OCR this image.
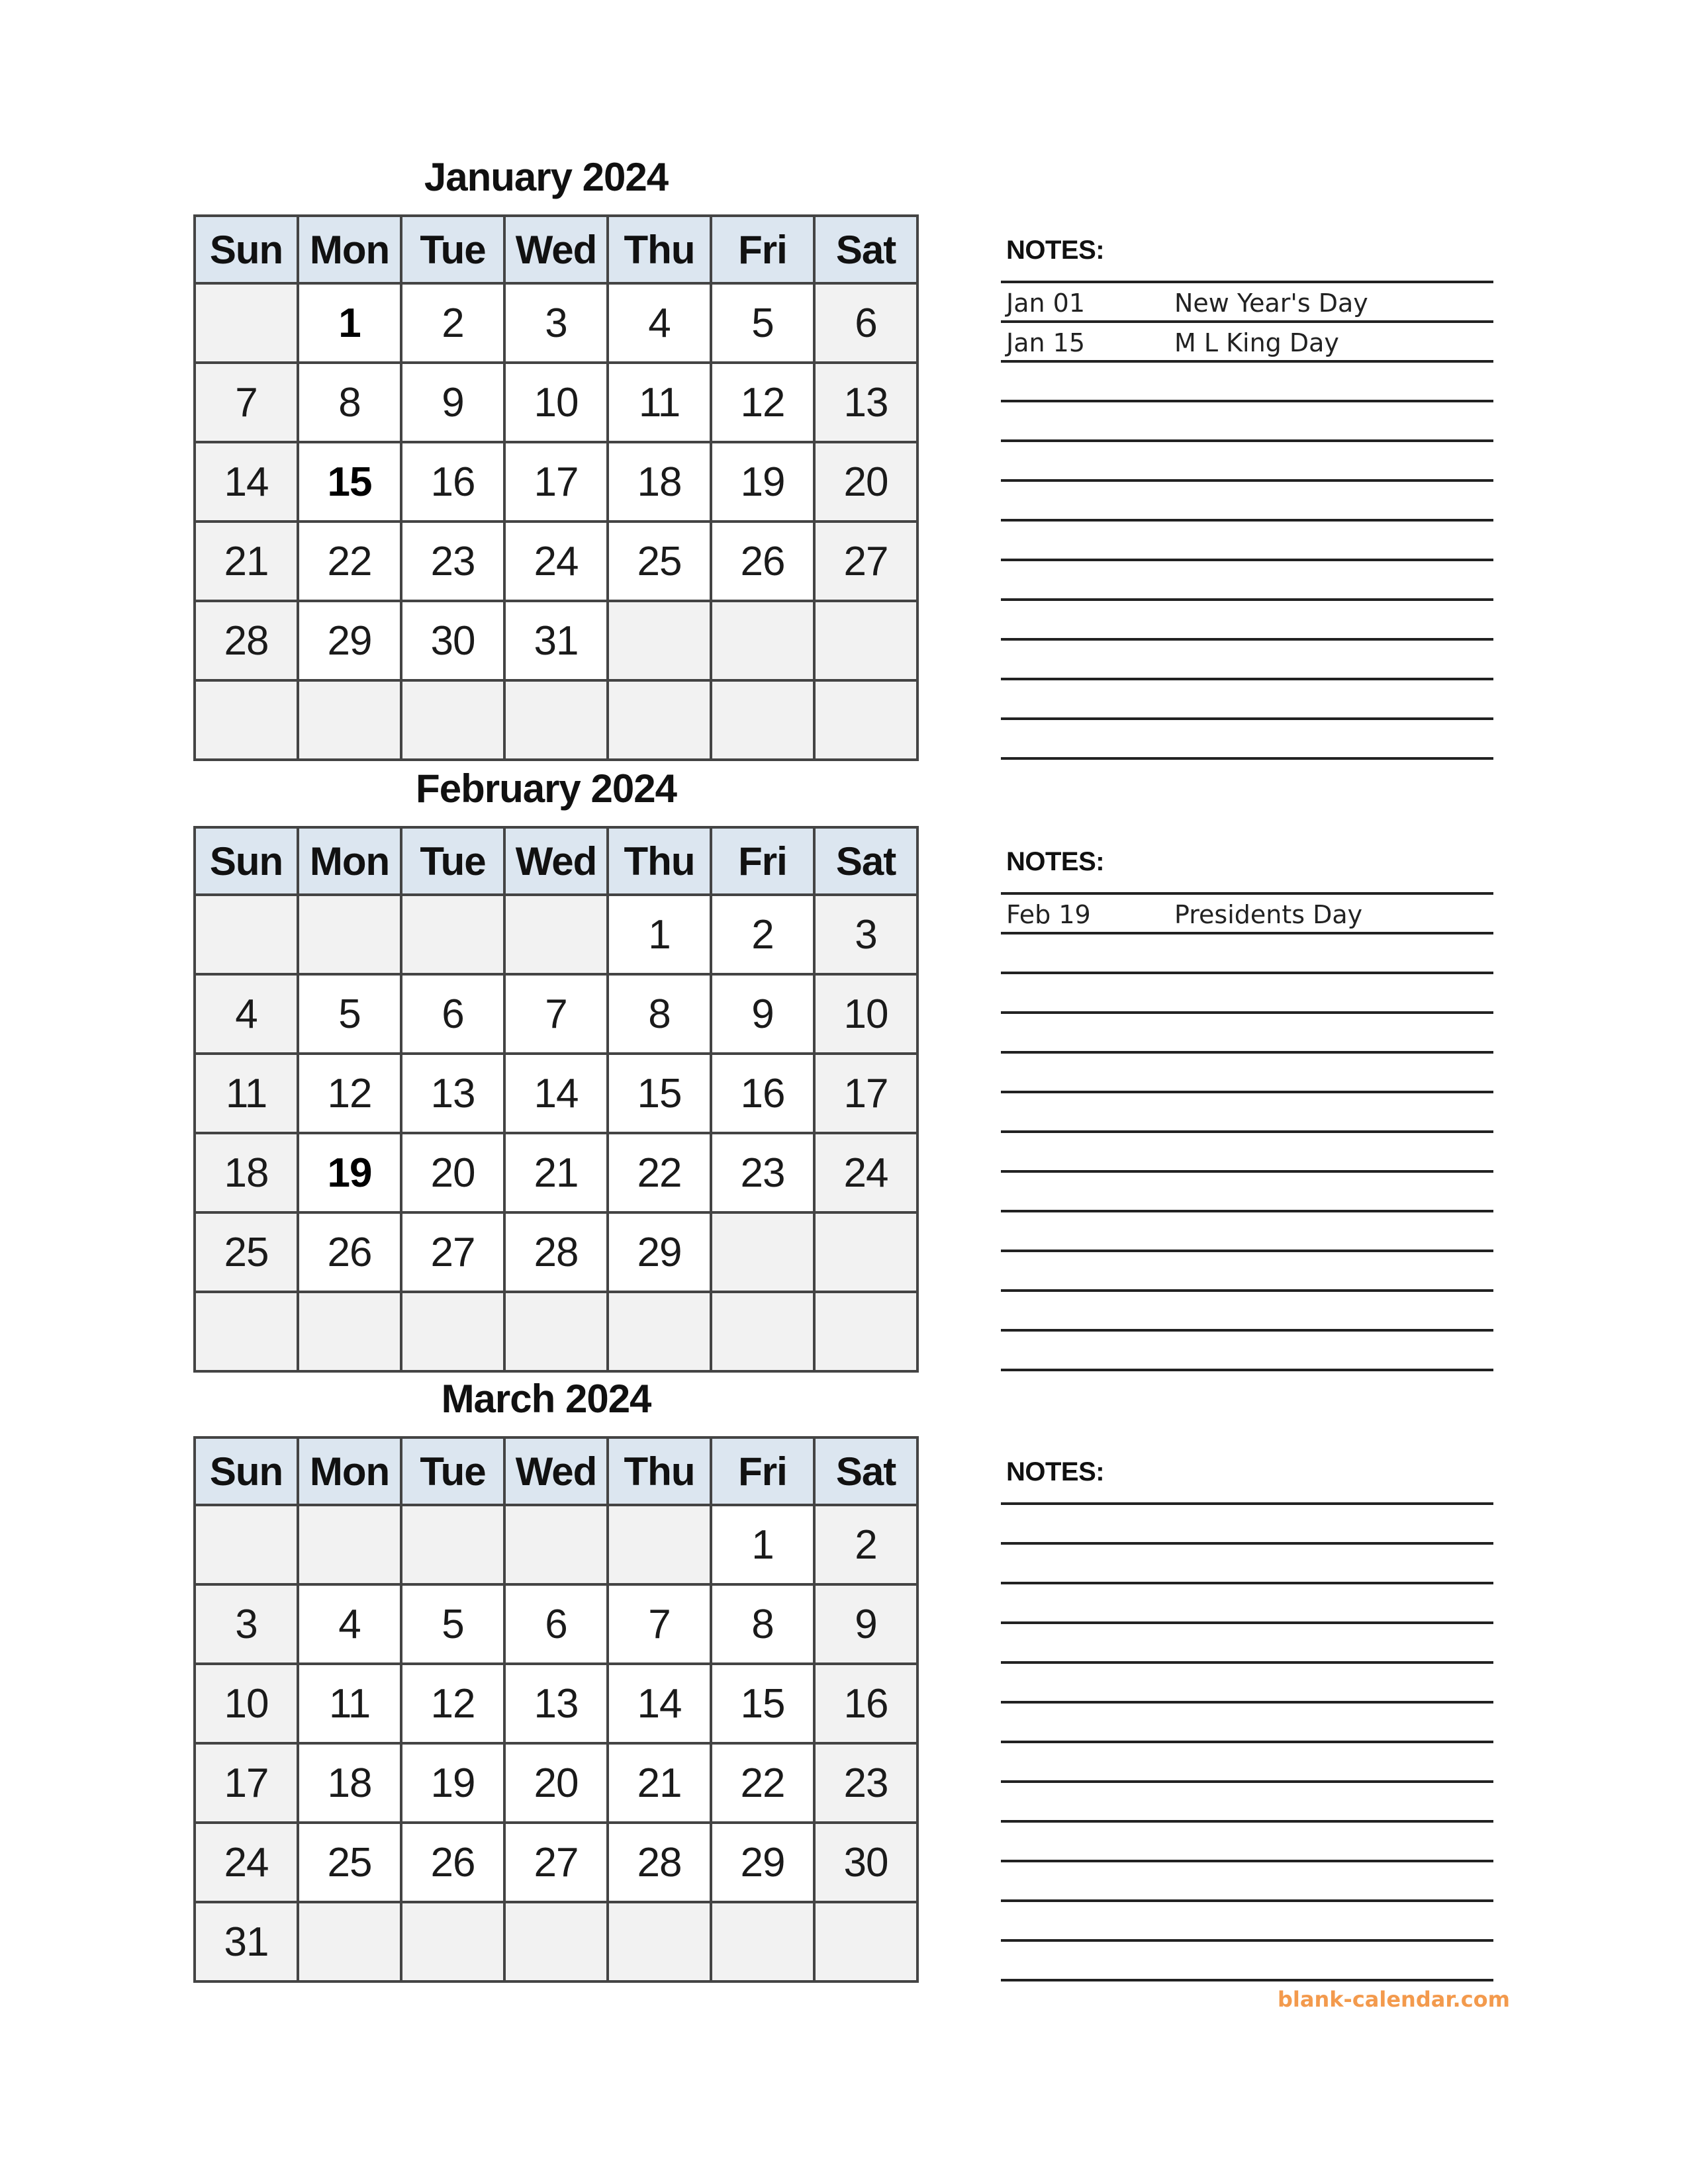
January 2024
Sun	Mon	Tue	Wed	Thu	Fri	Sat
	1	2	3	4	5	6
7	8	9	10	11	12	13
14	15	16	17	18	19	20
21	22	23	24	25	26	27
28	29	30	31			

NOTES:
Jan 01	New Year's Day
Jan 15	M L King Day
February 2024
Sun	Mon	Tue	Wed	Thu	Fri	Sat
				1	2	3
4	5	6	7	8	9	10
11	12	13	14	15	16	17
18	19	20	21	22	23	24
25	26	27	28	29		

NOTES:
Feb 19	Presidents Day
March 2024
Sun	Mon	Tue	Wed	Thu	Fri	Sat
					1	2
3	4	5	6	7	8	9
10	11	12	13	14	15	16
17	18	19	20	21	22	23
24	25	26	27	28	29	30
31						
NOTES:
blank-calendar.com
